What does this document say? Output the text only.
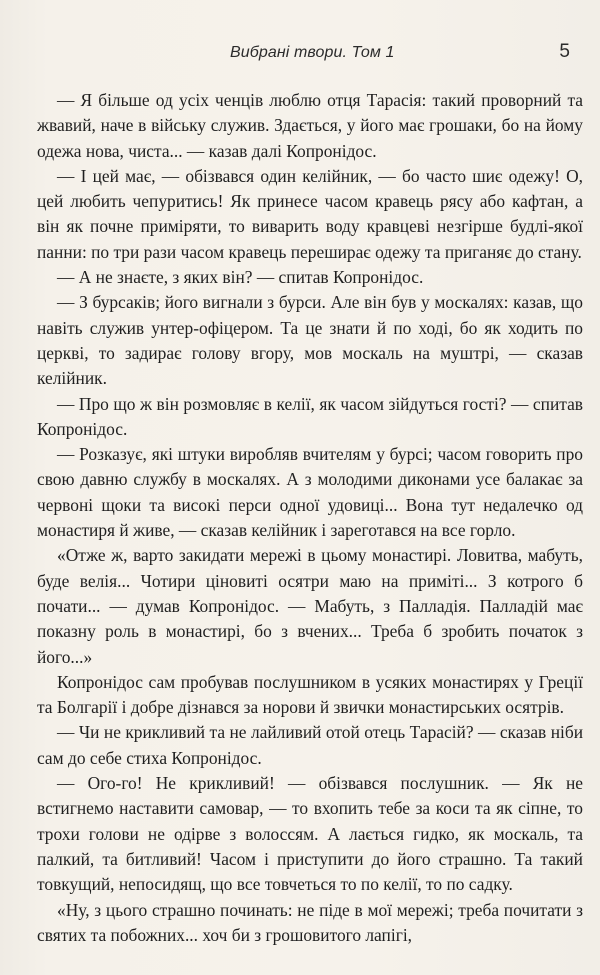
Вибрані твори. Том 1	5

— Я більше од усіх ченців люблю отця Тарасія: такий проворний та жвавий, наче в війську служив. Здається, у його має грошаки, бо на йому одежа нова, чиста... — казав далі Копронідос.

— І цей має, — обізвався один келійник, — бо часто шиє одежу! О, цей любить чепуритись! Як принесе часом кравець рясу або кафтан, а він як почне приміряти, то виварить воду кравцеві незгірше будлі-якої панни: по три рази часом кравець переширає одежу та приганяє до стану.

— А не знаєте, з яких він? — спитав Копронідос.

— З бурсаків; його вигнали з бурси. Але він був у москалях: казав, що навіть служив унтер-офіцером. Та це знати й по ході, бо як ходить по церкві, то задирає голову вгору, мов москаль на муштрі, — сказав келійник.

— Про що ж він розмовляє в келії, як часом зійдуться гості? — спитав Копронідос.

— Розказує, які штуки виробляв вчителям у бурсі; часом говорить про свою давню службу в москалях. А з молодими диконами усе балакає за червоні щоки та високі перси одної удовиці... Вона тут недалечко од монастиря й живе, — сказав келійник і зареготався на все горло.

«Отже ж, варто закидати мережі в цьому монастирі. Ловитва, мабуть, буде велія... Чотири ціновиті осятри маю на приміті... З котрого б почати... — думав Копронідос. — Мабуть, з Палладія. Палладій має показну роль в монастирі, бо з вчених... Треба б зробить початок з його...»

Копронідос сам пробував послушником в усяких монастирях у Греції та Болгарії і добре дізнався за норови й звички монастирських осятрів.

— Чи не крикливий та не лайливий отой отець Тарасій? — сказав ніби сам до себе стиха Копронідос.

— Ого-го! Не крикливий! — обізвався послушник. — Як не встигнемо наставити самовар, — то вхопить тебе за коси та як сіпне, то трохи голови не одірве з волоссям. А лається гидко, як москаль, та палкий, та битливий! Часом і приступити до його страшно. Та такий товкущий, непосидящ, що все товчеться то по келії, то по садку.

«Ну, з цього страшно починать: не піде в мої мережі; треба почитати з святих та побожних... хоч би з грошовитого лапігі,
